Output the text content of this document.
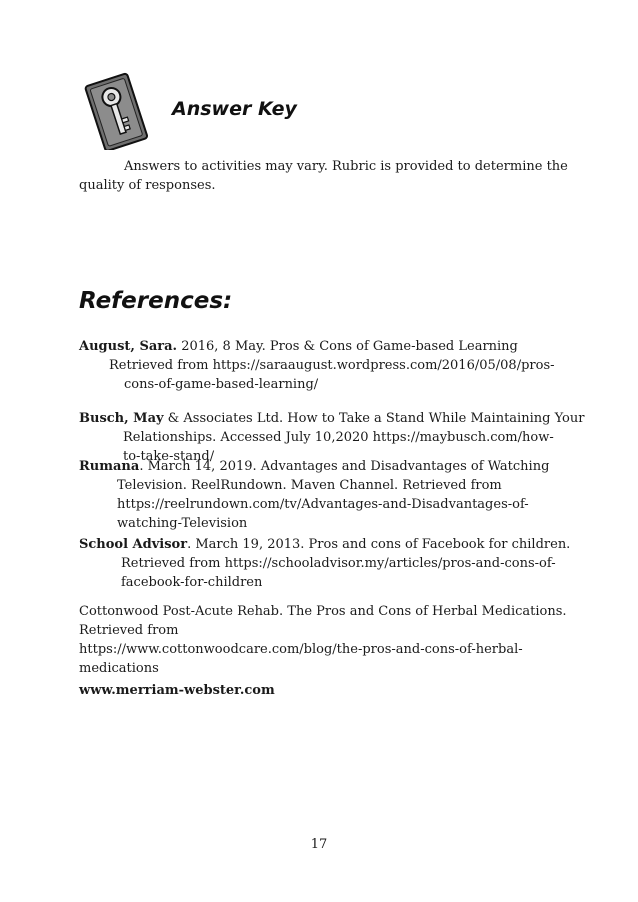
Answer Key
Answers to activities may vary. Rubric is provided to determine the
quality of responses.
References:
August, Sara. 2016, 8 May. Pros & Cons of Game-based Learning
Retrieved from https://saraaugust.wordpress.com/2016/05/08/pros-
cons-of-game-based-learning/
Busch, May & Associates Ltd. How to Take a Stand While Maintaining Your
Relationships. Accessed July 10,2020 https://maybusch.com/how-
to-take-stand/
Rumana. March 14, 2019. Advantages and Disadvantages of Watching
Television. ReelRundown. Maven Channel. Retrieved from
https://reelrundown.com/tv/Advantages-and-Disadvantages-of-
watching-Television
School Advisor. March 19, 2013. Pros and cons of Facebook for children.
Retrieved from https://schooladvisor.my/articles/pros-and-cons-of-
facebook-for-children
Cottonwood Post-Acute Rehab. The Pros and Cons of Herbal Medications.
Retrieved from
https://www.cottonwoodcare.com/blog/the-pros-and-cons-of-herbal-
medications
www.merriam-webster.com
17
